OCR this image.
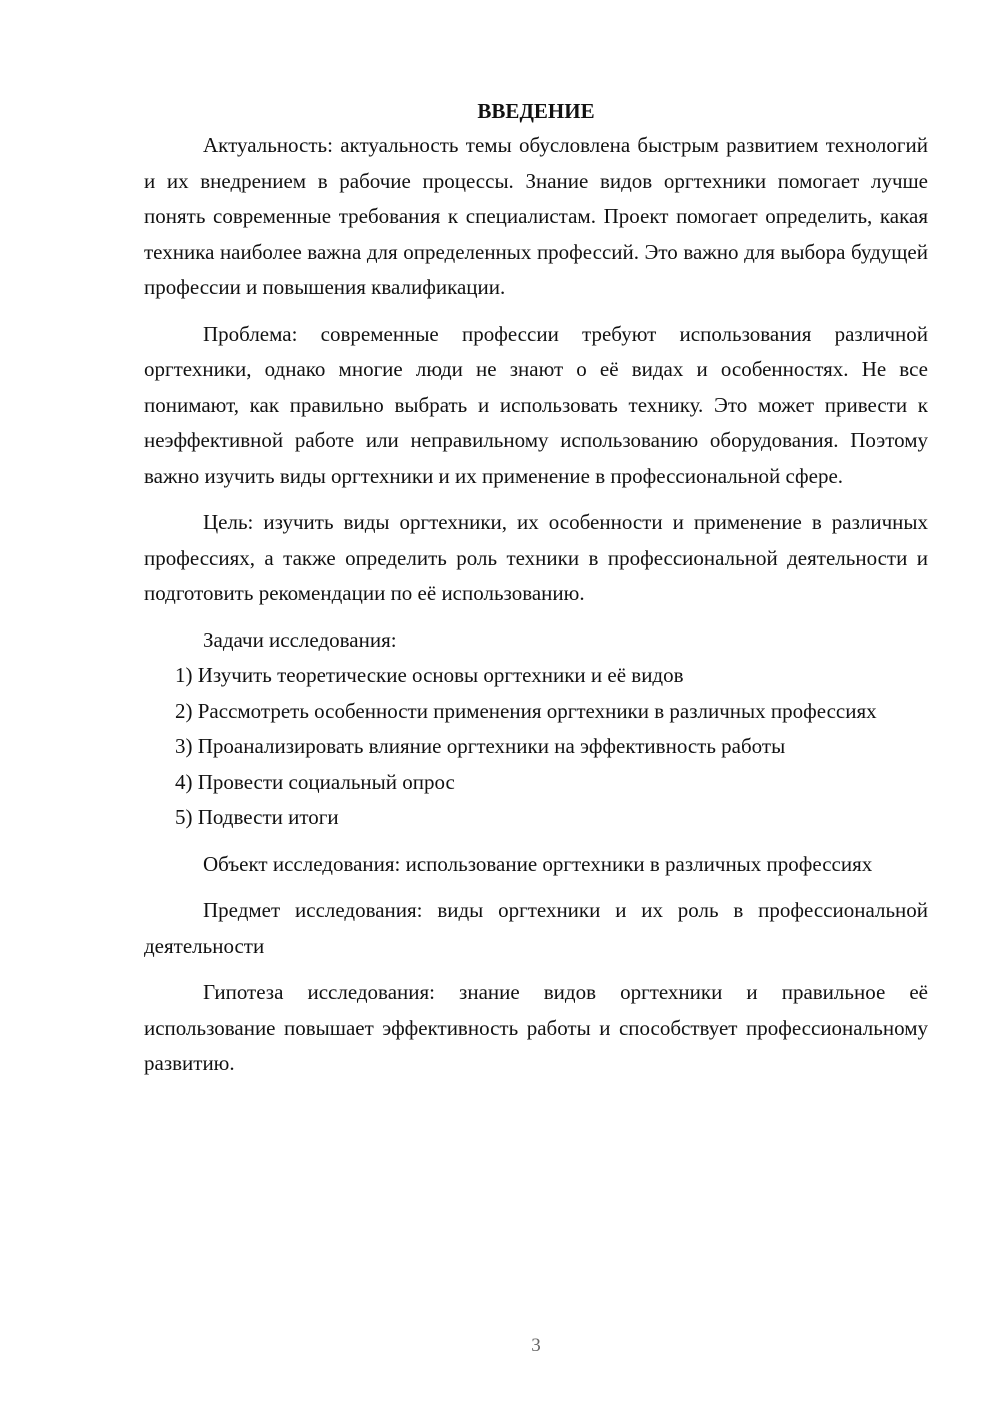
ВВЕДЕНИЕ

Актуальность: актуальность темы обусловлена быстрым развитием технологий и их внедрением в рабочие процессы. Знание видов оргтехники помогает лучше понять современные требования к специалистам. Проект помогает определить, какая техника наиболее важна для определенных профессий. Это важно для выбора будущей профессии и повышения квалификации.

Проблема: современные профессии требуют использования различной оргтехники, однако многие люди не знают о её видах и особенностях. Не все понимают, как правильно выбрать и использовать технику. Это может привести к неэффективной работе или неправильному использованию оборудования. Поэтому важно изучить виды оргтехники и их применение в профессиональной сфере.

Цель: изучить виды оргтехники, их особенности и применение в различных профессиях, а также определить роль техники в профессиональной деятельности и подготовить рекомендации по её использованию.

Задачи исследования:

1) Изучить теоретические основы оргтехники и её видов

2) Рассмотреть особенности применения оргтехники в различных профессиях

3) Проанализировать влияние оргтехники на эффективность работы

4) Провести социальный опрос

5) Подвести итоги

Объект исследования: использование оргтехники в различных профессиях

Предмет исследования: виды оргтехники и их роль в профессиональной деятельности

Гипотеза исследования: знание видов оргтехники и правильное её использование повышает эффективность работы и способствует профессиональному развитию.

3
